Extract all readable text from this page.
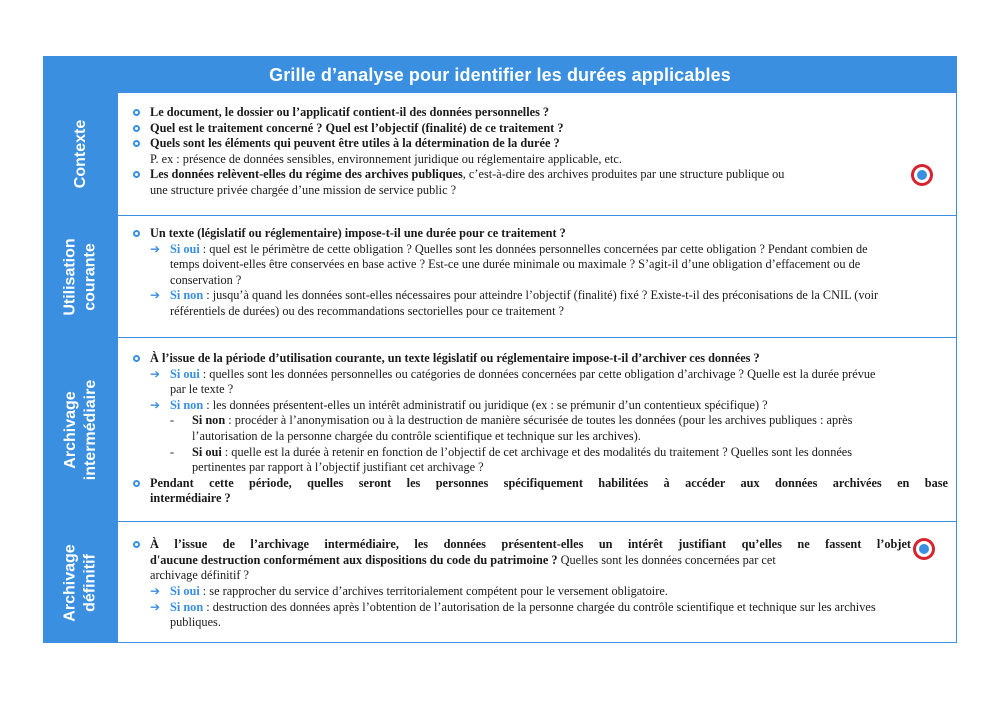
Grille d’analyse pour identifier les durées applicables
Contexte
Le document, le dossier ou l’applicatif contient-il des données personnelles ?
Quel est le traitement concerné ? Quel est l’objectif (finalité) de ce traitement ?
Quels sont les éléments qui peuvent être utiles à la détermination de la durée ?
P. ex : présence de données sensibles, environnement juridique ou réglementaire applicable, etc.
Les données relèvent-elles du régime des archives publiques, c’est-à-dire des archives produites par une structure publique ou
une structure privée chargée d’une mission de service public ?
Utilisation courante
Un texte (législatif ou réglementaire) impose-t-il une durée pour ce traitement ?
➔ Si oui : quel est le périmètre de cette obligation ? Quelles sont les données personnelles concernées par cette obligation ? Pendant combien de
temps doivent-elles être conservées en base active ? Est-ce une durée minimale ou maximale ? S’agit-il d’une obligation d’effacement ou de
conservation ?
➔ Si non : jusqu’à quand les données sont-elles nécessaires pour atteindre l’objectif (finalité) fixé ? Existe-t-il des préconisations de la CNIL (voir
référentiels de durées) ou des recommandations sectorielles pour ce traitement ?
Archivage intermédiaire
À l’issue de la période d’utilisation courante, un texte législatif ou réglementaire impose-t-il d’archiver ces données ?
➔ Si oui : quelles sont les données personnelles ou catégories de données concernées par cette obligation d’archivage ? Quelle est la durée prévue
par le texte ?
➔ Si non : les données présentent-elles un intérêt administratif ou juridique (ex : se prémunir d’un contentieux spécifique) ?
-	Si non : procéder à l’anonymisation ou à la destruction de manière sécurisée de toutes les données (pour les archives publiques : après
l’autorisation de la personne chargée du contrôle scientifique et technique sur les archives).
-	Si oui : quelle est la durée à retenir en fonction de l’objectif de cet archivage et des modalités du traitement ? Quelles sont les données
pertinentes par rapport à l’objectif justifiant cet archivage ?
Pendant cette période, quelles seront les personnes spécifiquement habilitées à accéder aux données archivées en base
intermédiaire ?
Archivage définitif
À l’issue de l’archivage intermédiaire, les données présentent-elles un intérêt justifiant qu’elles ne fassent l’objet
d'aucune destruction conformément aux dispositions du code du patrimoine ? Quelles sont les données concernées par cet
archivage définitif ?
➔ Si oui : se rapprocher du service d’archives territorialement compétent pour le versement obligatoire.
➔ Si non : destruction des données après l’obtention de l’autorisation de la personne chargée du contrôle scientifique et technique sur les archives
publiques.
